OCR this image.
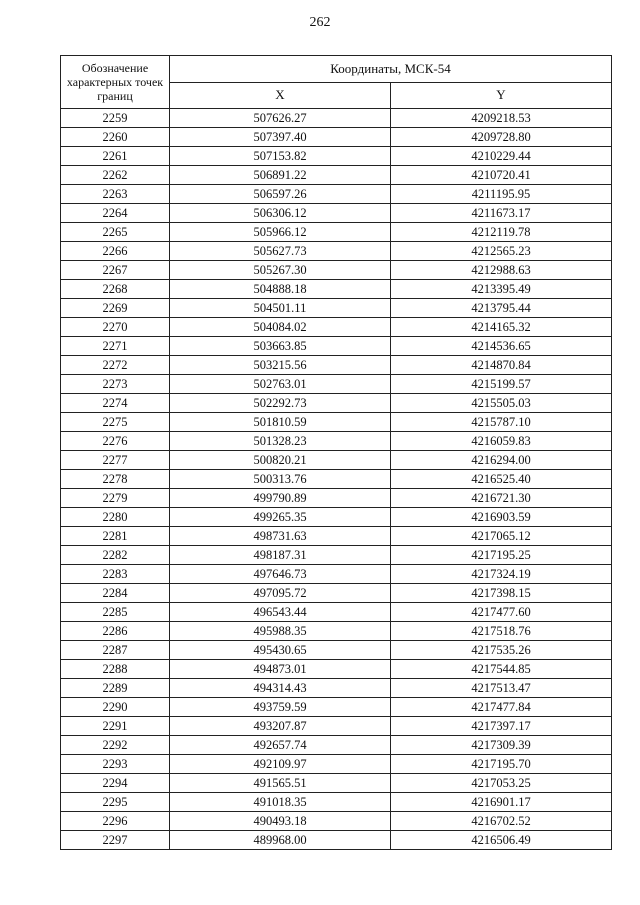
262
Обозначение характерных точек границ	Координаты, МСК-54	
	X	Y
2259	507626.27	4209218.53
2260	507397.40	4209728.80
2261	507153.82	4210229.44
2262	506891.22	4210720.41
2263	506597.26	4211195.95
2264	506306.12	4211673.17
2265	505966.12	4212119.78
2266	505627.73	4212565.23
2267	505267.30	4212988.63
2268	504888.18	4213395.49
2269	504501.11	4213795.44
2270	504084.02	4214165.32
2271	503663.85	4214536.65
2272	503215.56	4214870.84
2273	502763.01	4215199.57
2274	502292.73	4215505.03
2275	501810.59	4215787.10
2276	501328.23	4216059.83
2277	500820.21	4216294.00
2278	500313.76	4216525.40
2279	499790.89	4216721.30
2280	499265.35	4216903.59
2281	498731.63	4217065.12
2282	498187.31	4217195.25
2283	497646.73	4217324.19
2284	497095.72	4217398.15
2285	496543.44	4217477.60
2286	495988.35	4217518.76
2287	495430.65	4217535.26
2288	494873.01	4217544.85
2289	494314.43	4217513.47
2290	493759.59	4217477.84
2291	493207.87	4217397.17
2292	492657.74	4217309.39
2293	492109.97	4217195.70
2294	491565.51	4217053.25
2295	491018.35	4216901.17
2296	490493.18	4216702.52
2297	489968.00	4216506.49
